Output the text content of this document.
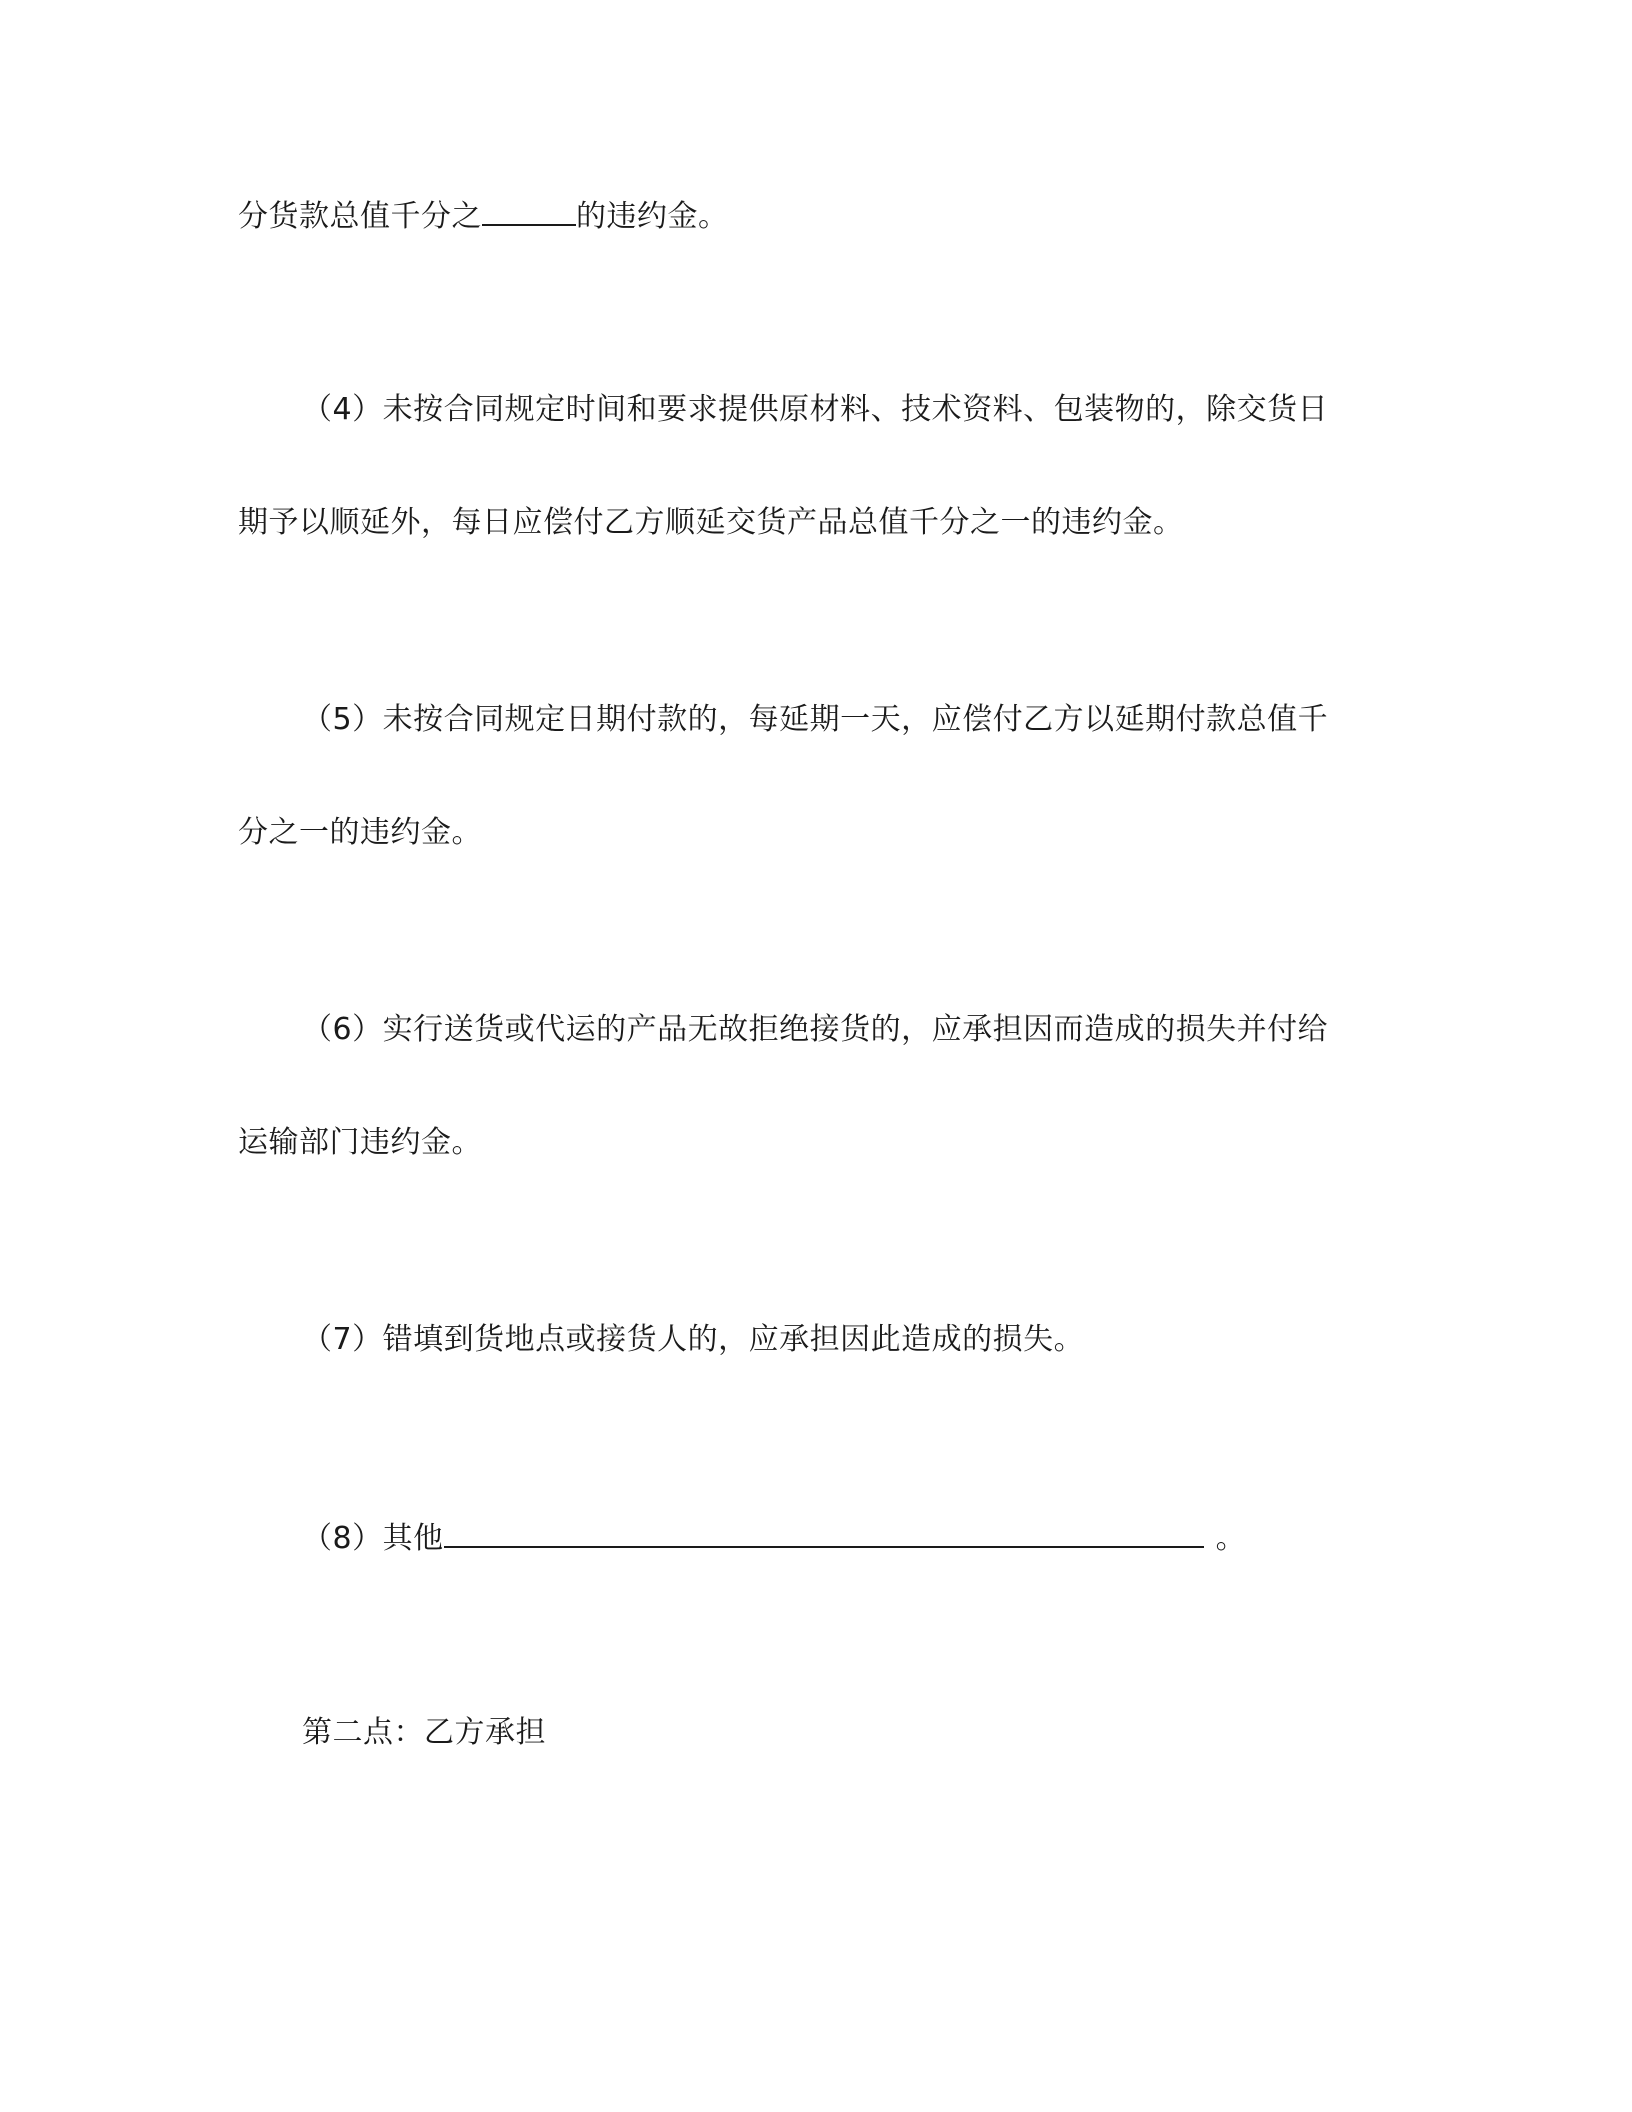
分货款总值千分之	的违约金。
（4）未按合同规定时间和要求提供原材料、技术资料、包装物的，除交货日
期予以顺延外，每日应偿付乙方顺延交货产品总值千分之一的违约金。
（5）未按合同规定日期付款的，每延期一天，应偿付乙方以延期付款总值千
分之一的违约金。
（6）实行送货或代运的产品无故拒绝接货的，应承担因而造成的损失并付给
运输部门违约金。
（7）错填到货地点或接货人的，应承担因此造成的损失。
（8）其他	。
第二点：乙方承担
